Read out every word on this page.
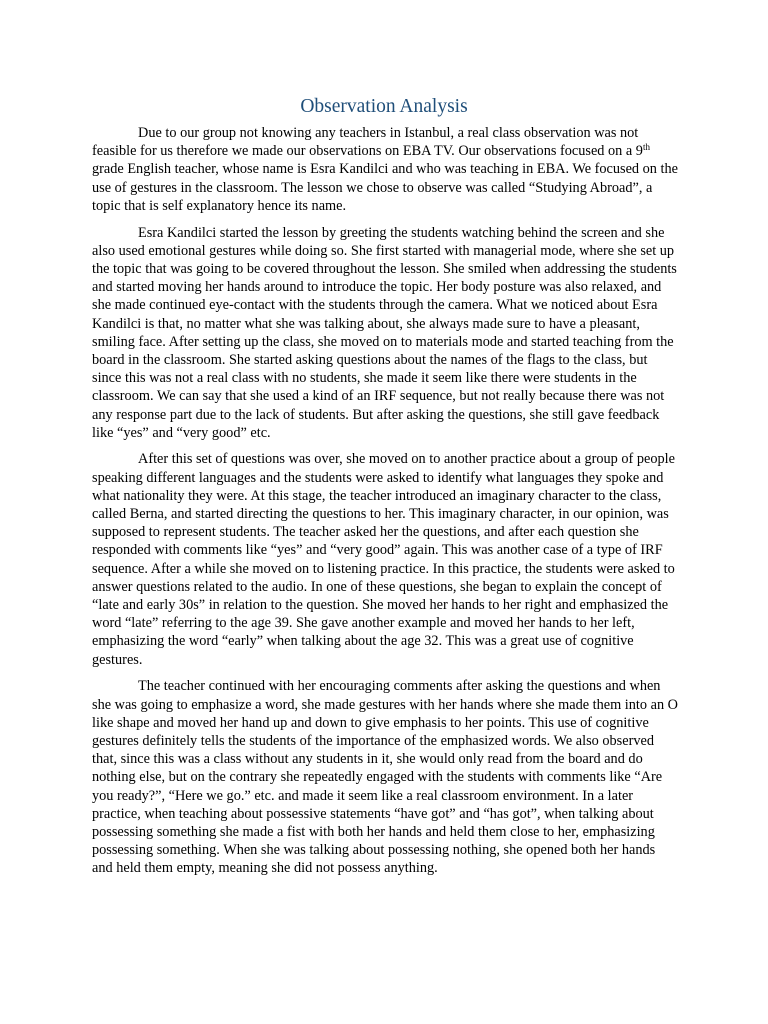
Observation Analysis

Due to our group not knowing any teachers in Istanbul, a real class observation was not feasible for us therefore we made our observations on EBA TV. Our observations focused on a 9th grade English teacher, whose name is Esra Kandilci and who was teaching in EBA. We focused on the use of gestures in the classroom. The lesson we chose to observe was called “Studying Abroad”, a topic that is self explanatory hence its name.

Esra Kandilci started the lesson by greeting the students watching behind the screen and she also used emotional gestures while doing so. She first started with managerial mode, where she set up the topic that was going to be covered throughout the lesson. She smiled when addressing the students and started moving her hands around to introduce the topic. Her body posture was also relaxed, and she made continued eye-contact with the students through the camera. What we noticed about Esra Kandilci is that, no matter what she was talking about, she always made sure to have a pleasant, smiling face. After setting up the class, she moved on to materials mode and started teaching from the board in the classroom. She started asking questions about the names of the flags to the class, but since this was not a real class with no students, she made it seem like there were students in the classroom. We can say that she used a kind of an IRF sequence, but not really because there was not any response part due to the lack of students. But after asking the questions, she still gave feedback like “yes” and “very good” etc.

After this set of questions was over, she moved on to another practice about a group of people speaking different languages and the students were asked to identify what languages they spoke and what nationality they were. At this stage, the teacher introduced an imaginary character to the class, called Berna, and started directing the questions to her. This imaginary character, in our opinion, was supposed to represent students. The teacher asked her the questions, and after each question she responded with comments like “yes” and “very good” again. This was another case of a type of IRF sequence. After a while she moved on to listening practice. In this practice, the students were asked to answer questions related to the audio. In one of these questions, she began to explain the concept of “late and early 30s” in relation to the question. She moved her hands to her right and emphasized the word “late” referring to the age 39. She gave another example and moved her hands to her left, emphasizing the word “early” when talking about the age 32. This was a great use of cognitive gestures.

The teacher continued with her encouraging comments after asking the questions and when she was going to emphasize a word, she made gestures with her hands where she made them into an O like shape and moved her hand up and down to give emphasis to her points. This use of cognitive gestures definitely tells the students of the importance of the emphasized words. We also observed that, since this was a class without any students in it, she would only read from the board and do nothing else, but on the contrary she repeatedly engaged with the students with comments like “Are you ready?”, “Here we go.” etc. and made it seem like a real classroom environment. In a later practice, when teaching about possessive statements “have got” and “has got”, when talking about possessing something she made a fist with both her hands and held them close to her, emphasizing possessing something. When she was talking about possessing nothing, she opened both her hands and held them empty, meaning she did not possess anything.
